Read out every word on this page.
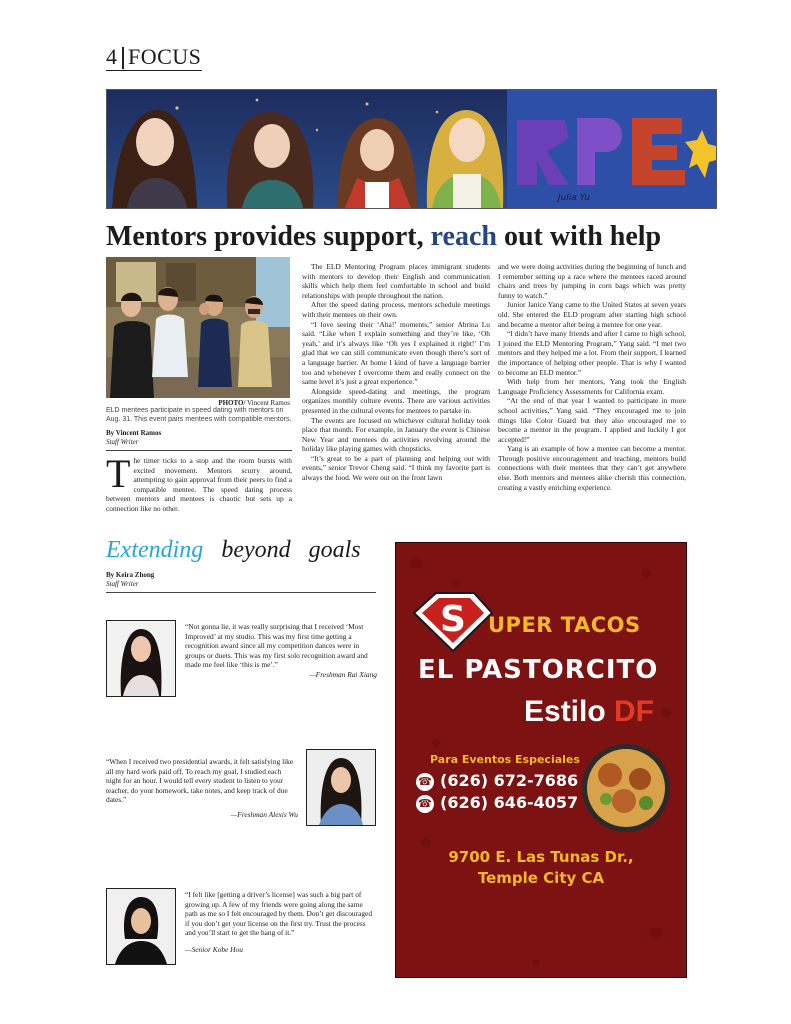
4 FOCUS
Julia Yu
Mentors provides support, reach out with help
PHOTO/ Vincent Ramos
ELD mentees participate in speed dating with mentors on Aug. 31. This event pairs mentees with compatible mentors.
By Vincent Ramos
Staff Writer

The timer ticks to a stop and the room bursts with excited movement. Mentors scurry around, attempting to gain approval from their peers to find a compatible mentee. The speed dating process between mentors and mentees is chaotic but sets up a connection like no other.

The ELD Mentoring Program places immigrant students with mentors to develop their English and communication skills which help them feel comfortable in school and build relationships with people throughout the nation.

After the speed dating process, mentors schedule meetings with their mentees on their own.

“I love seeing their ‘Aha!’ moments,” senior Abrina Lu said. “Like when I explain something and they’re like, ‘Oh yeah,’ and it’s always like ‘Oh yes I explained it right!’ I’m glad that we can still communicate even though there’s sort of a language barrier. At home I kind of have a language barrier too and whenever I overcome them and really connect on the same level it’s just a great experience.”

Alongside speed-dating and meetings, the program organizes monthly culture events. There are various activities presented in the cultural events for mentees to partake in.

The events are focused on whichever cultural holiday took place that month. For example, in January the event is Chinese New Year and mentees do activities revolving around the holiday like playing games with chopsticks.

“It’s great to be a part of planning and helping out with events,” senior Trevor Cheng said. “I think my favorite part is always the food. We were out on the front lawn

and we were doing activities during the beginning of lunch and I remember setting up a race where the mentees raced around chairs and trees by jumping in corn bags which was pretty funny to watch.”

Junior Janice Yang came to the United States at seven years old. She entered the ELD program after starting high school and became a mentor after being a mentee for one year.

“I didn’t have many friends and after I came to high school, I joined the ELD Mentoring Program,” Yang said. “I met two mentors and they helped me a lot. From their support, I learned the importance of helping other people. That is why I wanted to become an ELD mentor.”

With help from her mentors, Yang took the English Language Proficiency Assessments for California exam.

“At the end of that year I wanted to participate in more school activities,” Yang said. “They encouraged me to join things like Color Guard but they also encouraged me to become a mentor in the program. I applied and luckily I got accepted!”

Yang is an example of how a mentee can become a mentor. Through positive encouragement and teaching, mentors build connections with their mentees that they can’t get anywhere else. Both mentors and mentees alike cherish this connection, creating a vastly enriching experience.

Extending beyond goals
By Keira Zhong
Staff Writer
“Not gonna lie, it was really surprising that I received ‘Most Improved’ at my studio. This was my first time getting a recognition award since all my competition dances were in groups or duets. This was my first solo recognition award and made me feel like ‘this is me’.”
—Freshman Rai Xiang
“When I received two presidential awards, it felt satisfying like all my hard work paid off. To reach my goal, I studied each night for an hour. I would tell every student to listen to your teacher, do your homework, take notes, and keep track of due dates.”
—Freshman Alexis Wu
“I felt like [getting a driver’s license] was such a big part of growing up. A few of my friends were going along the same path as me so I felt encouraged by them. Don’t get discouraged if you don’t get your license on the first try. Trust the process and you’ll start to get the hang of it.”
—Senior Kobe Hou
S UPER TACOS
EL PASTORCITO
Estilo DF
Para Eventos Especiales
☎ (626) 672-7686
☎ (626) 646-4057
9700 E. Las Tunas Dr.,
Temple City CA
